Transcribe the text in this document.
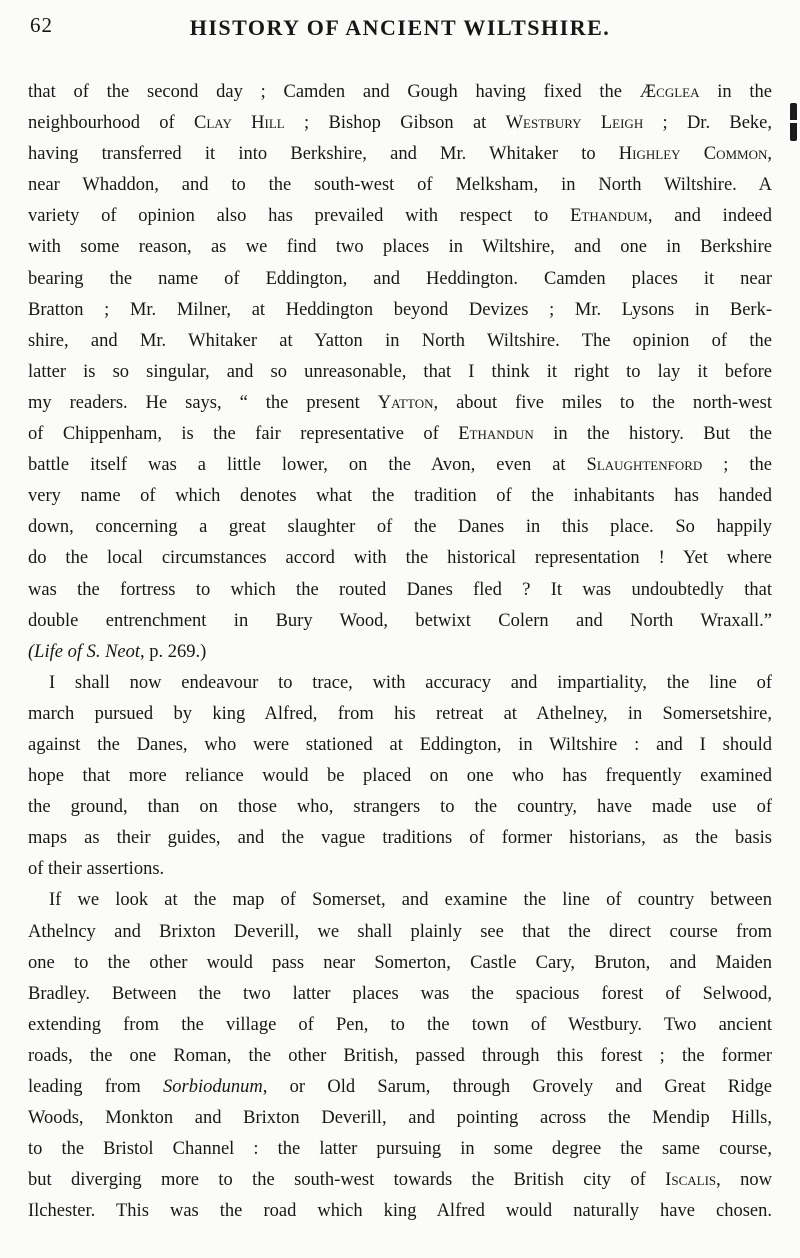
62	HISTORY OF ANCIENT WILTSHIRE.
that of the second day ; Camden and Gough having fixed the Æcglea in the
neighbourhood of Clay Hill ; Bishop Gibson at Westbury Leigh ; Dr. Beke,
having transferred it into Berkshire, and Mr. Whitaker to Highley Common,
near Whaddon, and to the south-west of Melksham, in North Wiltshire. A
variety of opinion also has prevailed with respect to Ethandum, and indeed
with some reason, as we find two places in Wiltshire, and one in Berkshire
bearing the name of Eddington, and Heddington. Camden places it near
Bratton ; Mr. Milner, at Heddington beyond Devizes ; Mr. Lysons in Berk-
shire, and Mr. Whitaker at Yatton in North Wiltshire. The opinion of the
latter is so singular, and so unreasonable, that I think it right to lay it before
my readers. He says, “ the present Yatton, about five miles to the north-west
of Chippenham, is the fair representative of Ethandun in the history. But the
battle itself was a little lower, on the Avon, even at Slaughtenford ; the
very name of which denotes what the tradition of the inhabitants has handed
down, concerning a great slaughter of the Danes in this place. So happily
do the local circumstances accord with the historical representation ! Yet where
was the fortress to which the routed Danes fled ? It was undoubtedly that
double entrenchment in Bury Wood, betwixt Colern and North Wraxall.”
(Life of S. Neot, p. 269.)
I shall now endeavour to trace, with accuracy and impartiality, the line of
march pursued by king Alfred, from his retreat at Athelney, in Somersetshire,
against the Danes, who were stationed at Eddington, in Wiltshire : and I should
hope that more reliance would be placed on one who has frequently examined
the ground, than on those who, strangers to the country, have made use of
maps as their guides, and the vague traditions of former historians, as the basis
of their assertions.
If we look at the map of Somerset, and examine the line of country between
Athelncy and Brixton Deverill, we shall plainly see that the direct course from
one to the other would pass near Somerton, Castle Cary, Bruton, and Maiden
Bradley. Between the two latter places was the spacious forest of Selwood,
extending from the village of Pen, to the town of Westbury. Two ancient
roads, the one Roman, the other British, passed through this forest ; the former
leading from Sorbiodunum, or Old Sarum, through Grovely and Great Ridge
Woods, Monkton and Brixton Deverill, and pointing across the Mendip Hills,
to the Bristol Channel : the latter pursuing in some degree the same course,
but diverging more to the south-west towards the British city of Iscalis, now
Ilchester. This was the road which king Alfred would naturally have chosen.
